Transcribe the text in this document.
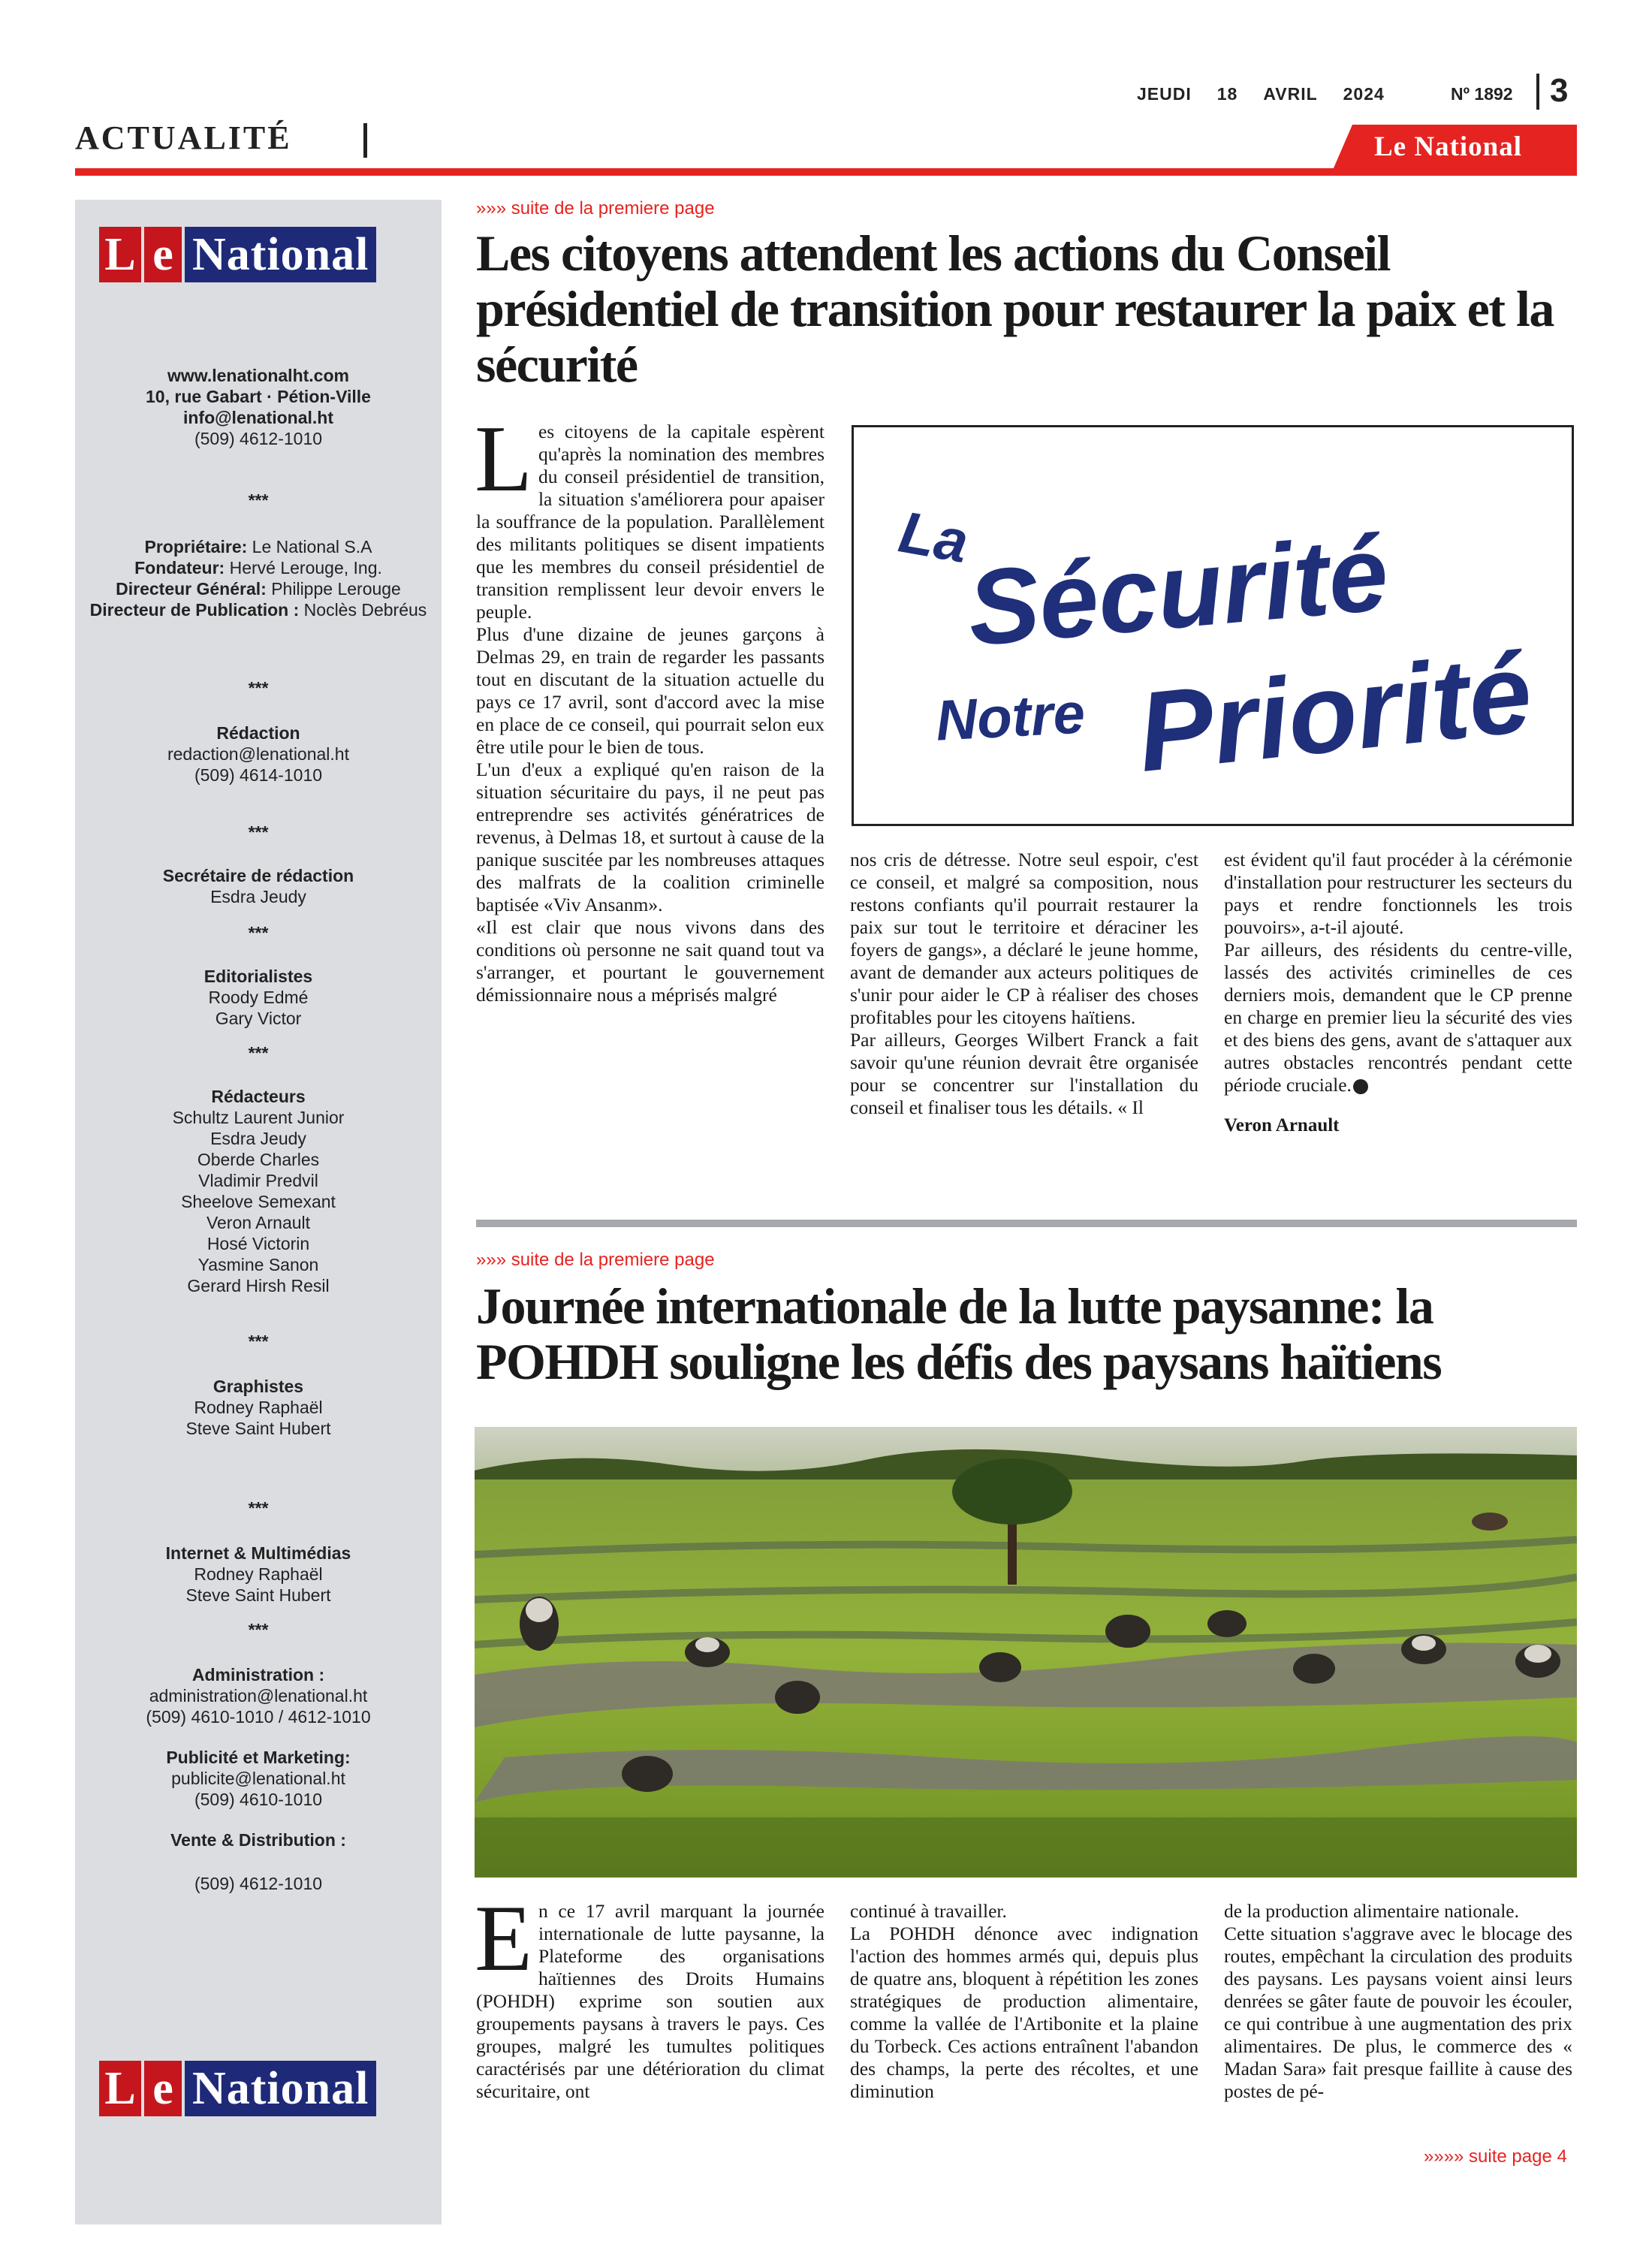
JEUDI 18 AVRIL 2024	Nº 1892 3
ACTUALITÉ	Le National
L e National
www.lenationalht.com
10, rue Gabart · Pétion-Ville
info@lenational.ht
(509) 4612-1010
***
Propriétaire: Le National S.A
Fondateur: Hervé Lerouge, Ing.
Directeur Général: Philippe Lerouge
Directeur de Publication : Noclès Debréus
***
Rédaction
redaction@lenational.ht
(509) 4614-1010
***
Secrétaire de rédaction
Esdra Jeudy
***
Editorialistes
Roody Edmé
Gary Victor
***
Rédacteurs
Schultz Laurent Junior
Esdra Jeudy
Oberde Charles
Vladimir Predvil
Sheelove Semexant
Veron Arnault
Hosé Victorin
Yasmine Sanon
Gerard Hirsh Resil
***
Graphistes
Rodney Raphaël
Steve Saint Hubert
***
Internet & Multimédias
Rodney Raphaël
Steve Saint Hubert
***
Administration :
administration@lenational.ht
(509) 4610-1010 / 4612-1010
Publicité et Marketing:
publicite@lenational.ht
(509) 4610-1010
Vente & Distribution :
(509) 4612-1010
L e National
»»» suite de la premiere page
Les citoyens attendent les actions du Conseil présidentiel de transition pour restaurer la paix et la sécurité

Les citoyens de la capitale espèrent qu'après la nomination des membres du conseil présidentiel de transition, la situation s'améliorera pour apaiser la souffrance de la population. Parallèlement des militants politiques se disent impatients que les membres du conseil présidentiel de transition remplissent leur devoir envers le peuple.

Plus d'une dizaine de jeunes garçons à Delmas 29, en train de regarder les passants tout en discutant de la situation actuelle du pays ce 17 avril, sont d'accord avec la mise en place de ce conseil, qui pourrait selon eux être utile pour le bien de tous.

L'un d'eux a expliqué qu'en raison de la situation sécuritaire du pays, il ne peut pas entreprendre ses activités génératrices de revenus, à Delmas 18, et surtout à cause de la panique suscitée par les nombreuses attaques des malfrats de la coalition criminelle baptisée «Viv Ansanm».

«Il est clair que nous vivons dans des conditions où personne ne sait quand tout va s'arranger, et pourtant le gouvernement démissionnaire nous a méprisés malgré

La
Sécurité
Notre Priorité

nos cris de détresse. Notre seul espoir, c'est ce conseil, et malgré sa composition, nous restons confiants qu'il pourrait restaurer la paix sur tout le territoire et déraciner les foyers de gangs», a déclaré le jeune homme, avant de demander aux acteurs politiques de s'unir pour aider le CP à réaliser des choses profitables pour les citoyens haïtiens.

Par ailleurs, Georges Wilbert Franck a fait savoir qu'une réunion devrait être organisée pour se concentrer sur l'installation du conseil et finaliser tous les détails. « Il

est évident qu'il faut procéder à la cérémonie d'installation pour restructurer les secteurs du pays et rendre fonctionnels les trois pouvoirs», a-t-il ajouté.

Par ailleurs, des résidents du centre-ville, lassés des activités criminelles de ces derniers mois, demandent que le CP prenne en charge en premier lieu la sécurité des vies et des biens des gens, avant de s'attaquer aux autres obstacles rencontrés pendant cette période cruciale.

Veron Arnault

»»» suite de la premiere page
Journée internationale de la lutte paysanne: la POHDH souligne les défis des paysans haïtiens

En ce 17 avril marquant la journée internationale de lutte paysanne, la Plateforme des organisations haïtiennes des Droits Humains (POHDH) exprime son soutien aux groupements paysans à travers le pays. Ces groupes, malgré les tumultes politiques caractérisés par une détérioration du climat sécuritaire, ont

continué à travailler.

La POHDH dénonce avec indignation l'action des hommes armés qui, depuis plus de quatre ans, bloquent à répétition les zones stratégiques de production alimentaire, comme la vallée de l'Artibonite et la plaine du Torbeck. Ces actions entraînent l'abandon des champs, la perte des récoltes, et une diminution

de la production alimentaire nationale.

Cette situation s'aggrave avec le blocage des routes, empêchant la circulation des produits des paysans. Les paysans voient ainsi leurs denrées se gâter faute de pouvoir les écouler, ce qui contribue à une augmentation des prix alimentaires. De plus, le commerce des « Madan Sara» fait presque faillite à cause des postes de pé-

»»»» suite page 4
